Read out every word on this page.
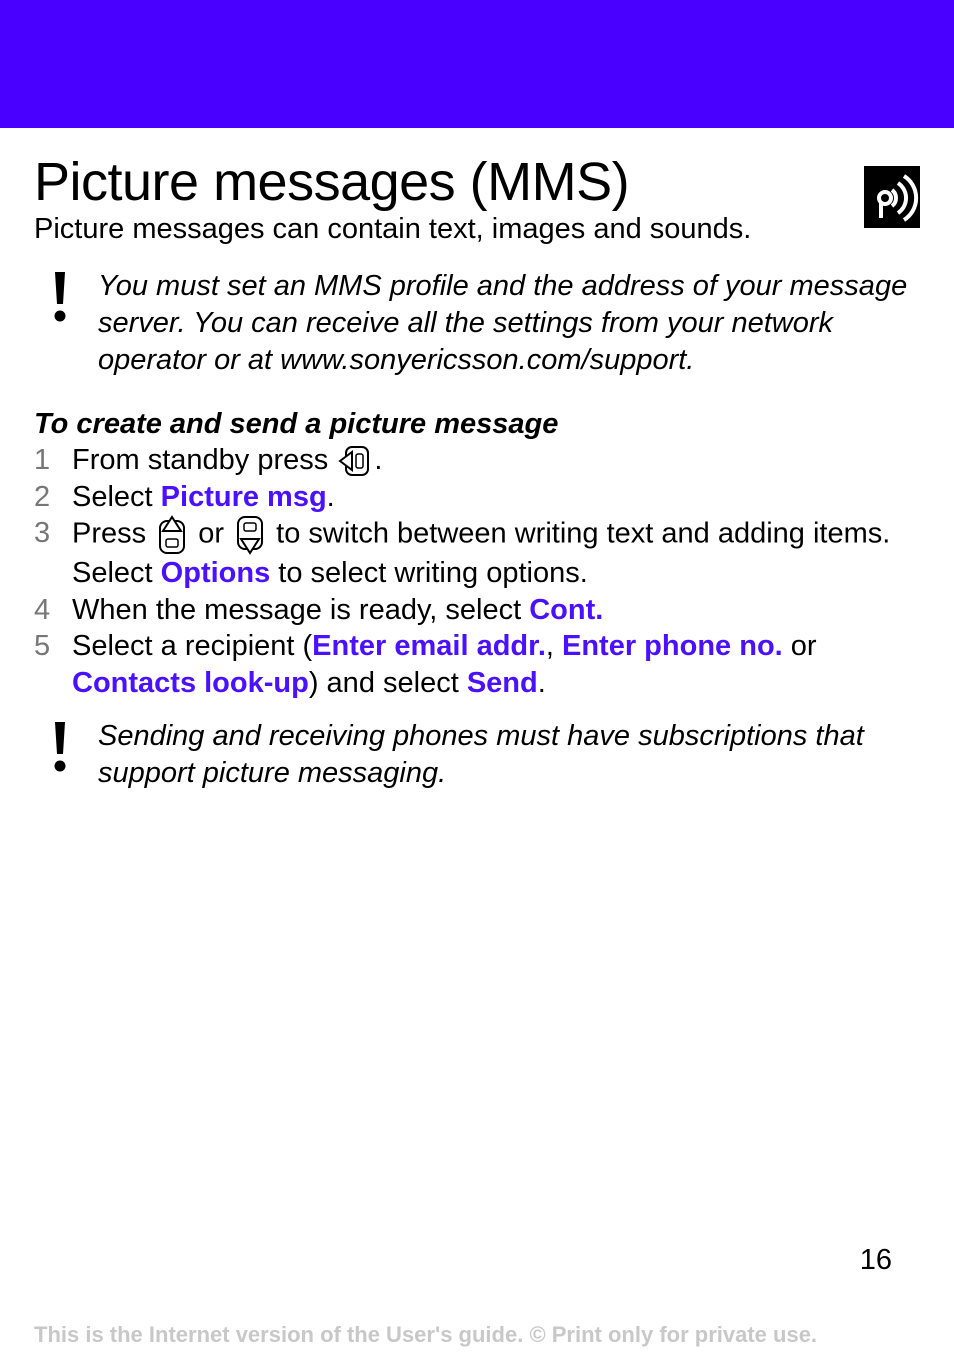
Picture messages (MMS)
Picture messages can contain text, images and sounds.
You must set an MMS profile and the address of your message server. You can receive all the settings from your network operator or at www.sonyericsson.com/support.
To create and send a picture message
1 From standby press .
2 Select Picture msg.
3 Press  or  to switch between writing text and adding items. Select Options to select writing options.
4 When the message is ready, select Cont.
5 Select a recipient (Enter email addr., Enter phone no. or Contacts look-up) and select Send.
Sending and receiving phones must have subscriptions that support picture messaging.
16
This is the Internet version of the User's guide. © Print only for private use.
